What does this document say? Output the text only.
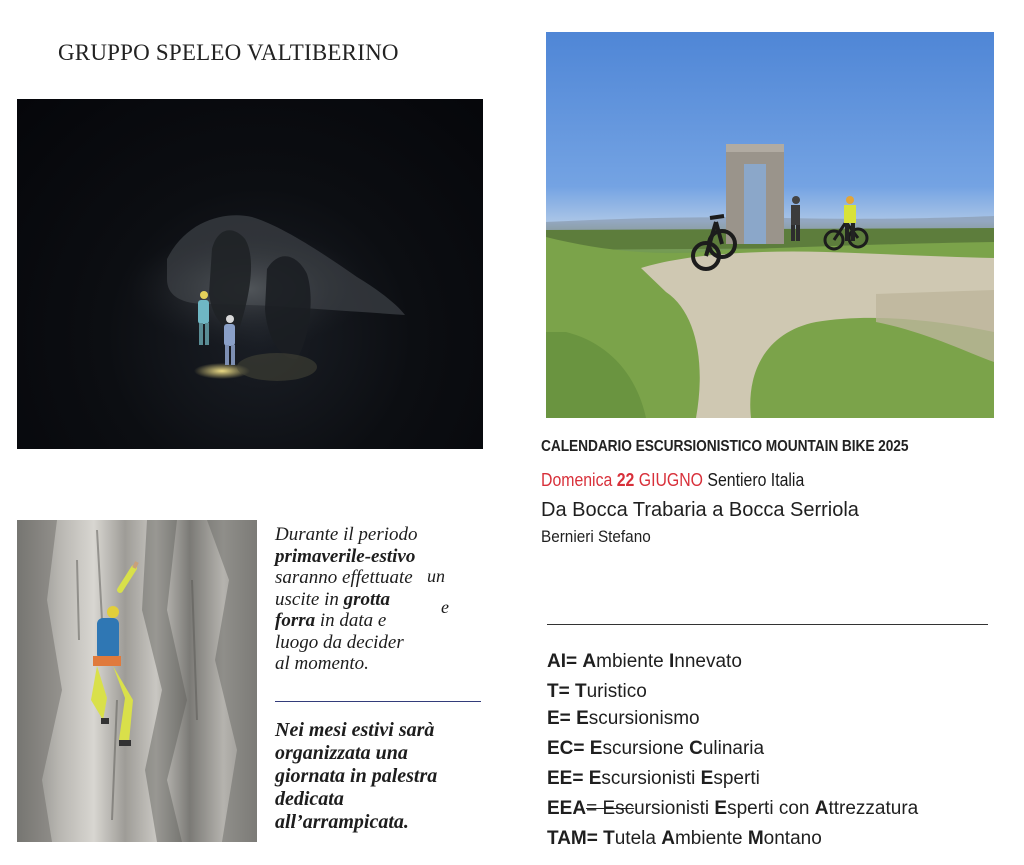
GRUPPO SPELEO VALTIBERINO
Durante il periodo
primaverile-estivo
saranno effettuate un
uscite in grotta	e
forra in data e
luogo da decider
al momento.
Nei mesi estivi sarà
organizzata una
giornata in palestra
dedicata
all’arrampicata.
CALENDARIO ESCURSIONISTICO MOUNTAIN BIKE 2025
Domenica 22 GIUGNO Sentiero Italia
Da Bocca Trabaria a Bocca Serriola
Bernieri Stefano
AI= Ambiente Innevato
T= Turistico
E= Escursionismo
EC= Escursione Culinaria
EE= Escursionisti Esperti
EEA= Escursionisti Esperti con Attrezzatura
TAM= Tutela Ambiente Montano
